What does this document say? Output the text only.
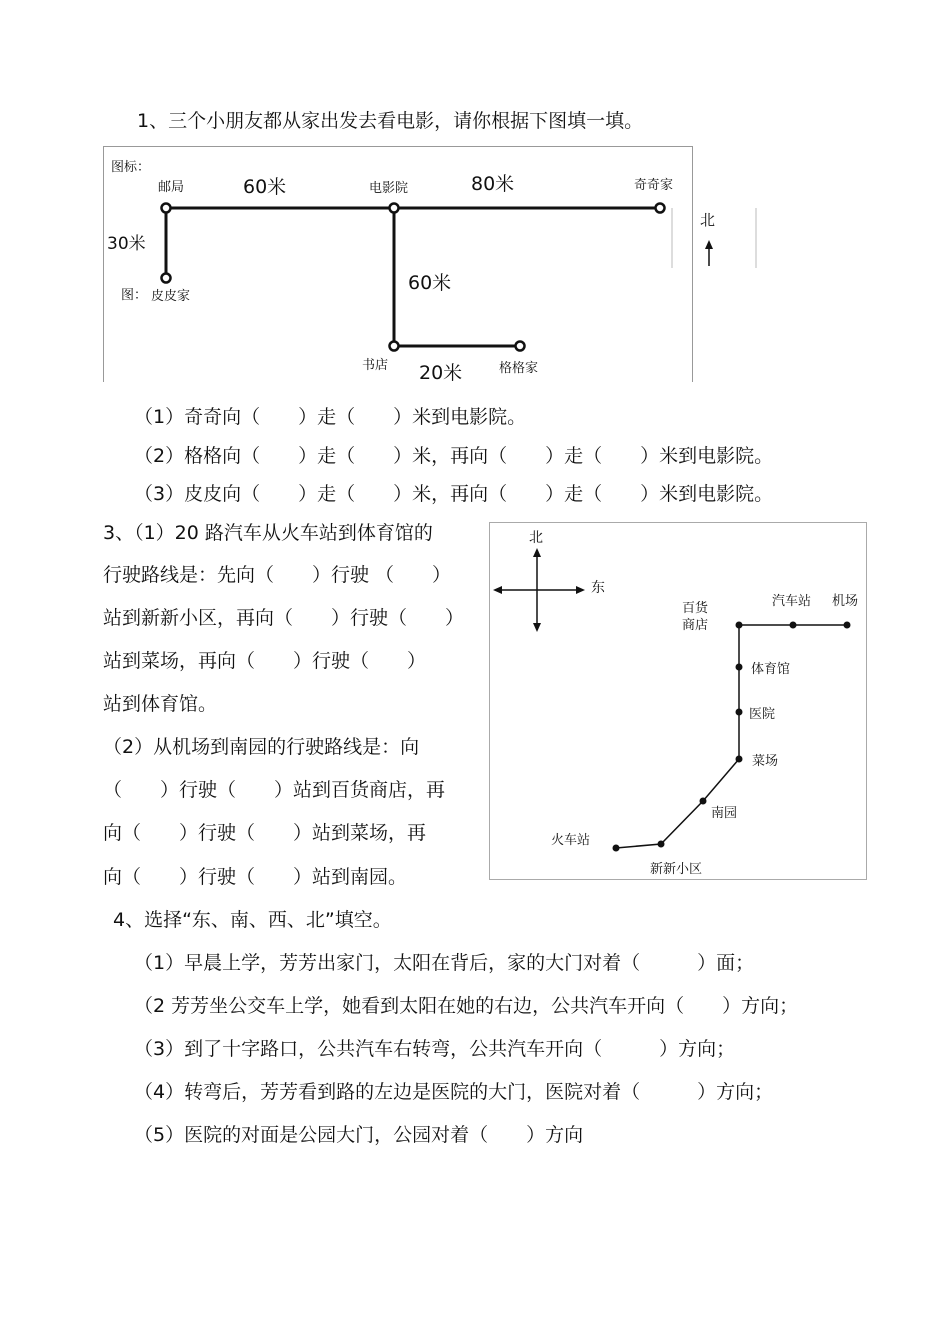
1、三个小朋友都从家出发去看电影，请你根据下图填一填。
图标：
图：
邮局	电影院	奇奇家
皮皮家
书店	格格家
60米	80米
30米
60米
20米
北
（1）奇奇向（　　）走（　　）米到电影院。
（2）格格向（　　）走（　　）米，再向（　　）走（　　）米到电影院。
（3）皮皮向（　　）走（　　）米，再向（　　）走（　　）米到电影院。
3、（1）20 路汽车从火车站到体育馆的
行驶路线是：先向（　　）行驶 （　　）
站到新新小区，再向（　　）行驶（　　）
站到菜场，再向（　　）行驶（　　）
站到体育馆。
（2）从机场到南园的行驶路线是：向
（　　）行驶（　　）站到百货商店，再
向（　　）行驶（　　）站到菜场，再
向（　　）行驶（　　）站到南园。
北
东
百货
商店
汽车站 机场
体育馆
医院
菜场
南园
火车站
新新小区
4、选择“东、南、西、北”填空。
（1）早晨上学，芳芳出家门，太阳在背后，家的大门对着（　　　）面；
（2 芳芳坐公交车上学，她看到太阳在她的右边，公共汽车开向（　　）方向；
（3）到了十字路口，公共汽车右转弯，公共汽车开向（　　　）方向；
（4）转弯后，芳芳看到路的左边是医院的大门，医院对着（　　　）方向；
（5）医院的对面是公园大门，公园对着（　　）方向
